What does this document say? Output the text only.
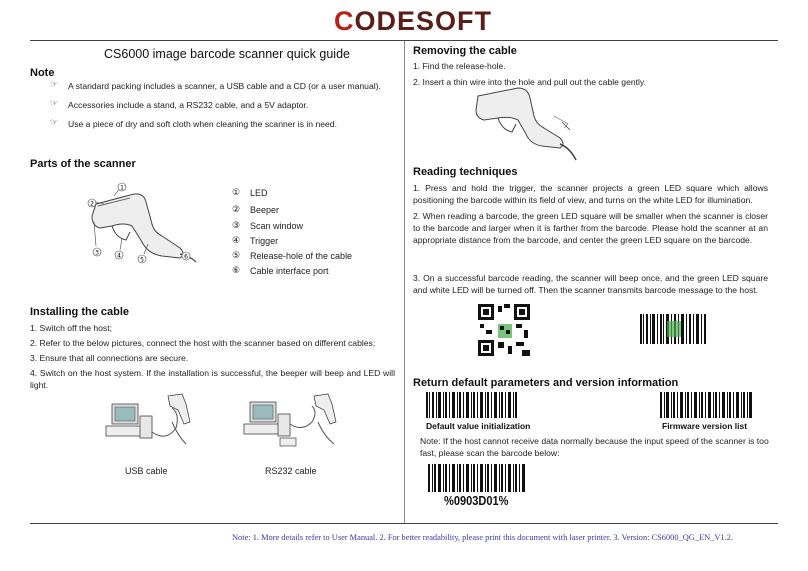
CODESOFT
CS6000 image barcode scanner quick guide
Note
☞ A standard packing includes a scanner, a USB cable and a CD (or a user manual).
☞ Accessories include a stand, a RS232 cable, and a 5V adaptor.
☞ Use a piece of dry and soft cloth when cleaning the scanner is in need.
Parts of the scanner
1
2
3	4
5	6
① LED
② Beeper
③ Scan window
④ Trigger
⑤ Release-hole of the cable
⑥ Cable interface port
Installing the cable
1. Switch off the host;
2. Refer to the below pictures, connect the host with the scanner based on different cables;
3. Ensure that all connections are secure.
4. Switch on the host system. If the installation is successful, the beeper will beep and LED will light.
USB cable	RS232 cable
Removing the cable
1. Find the release-hole.
2. Insert a thin wire into the hole and pull out the cable gently.
Reading techniques
1. Press and hold the trigger, the scanner projects a green LED square which allows positioning the barcode within its field of view, and turns on the white LED for illumination.
2. When reading a barcode, the green LED square will be smaller when the scanner is closer to the barcode and larger when it is farther from the barcode. Please hold the scanner at an appropriate distance from the barcode, and center the green LED square on the barcode.
3. On a successful barcode reading, the scanner will beep once, and the green LED square and white LED will be turned off. Then the scanner transmits barcode message to the host.
Return default parameters and version information
Default value initialization	Firmware version list
Note: If the host cannot receive data normally because the input speed of the scanner is too fast, please scan the barcode below:
%0903D01%
Note: 1. More details refer to User Manual. 2. For better readability, please print this document with laser printer. 3. Version: CS6000_QG_EN_V1.2.
